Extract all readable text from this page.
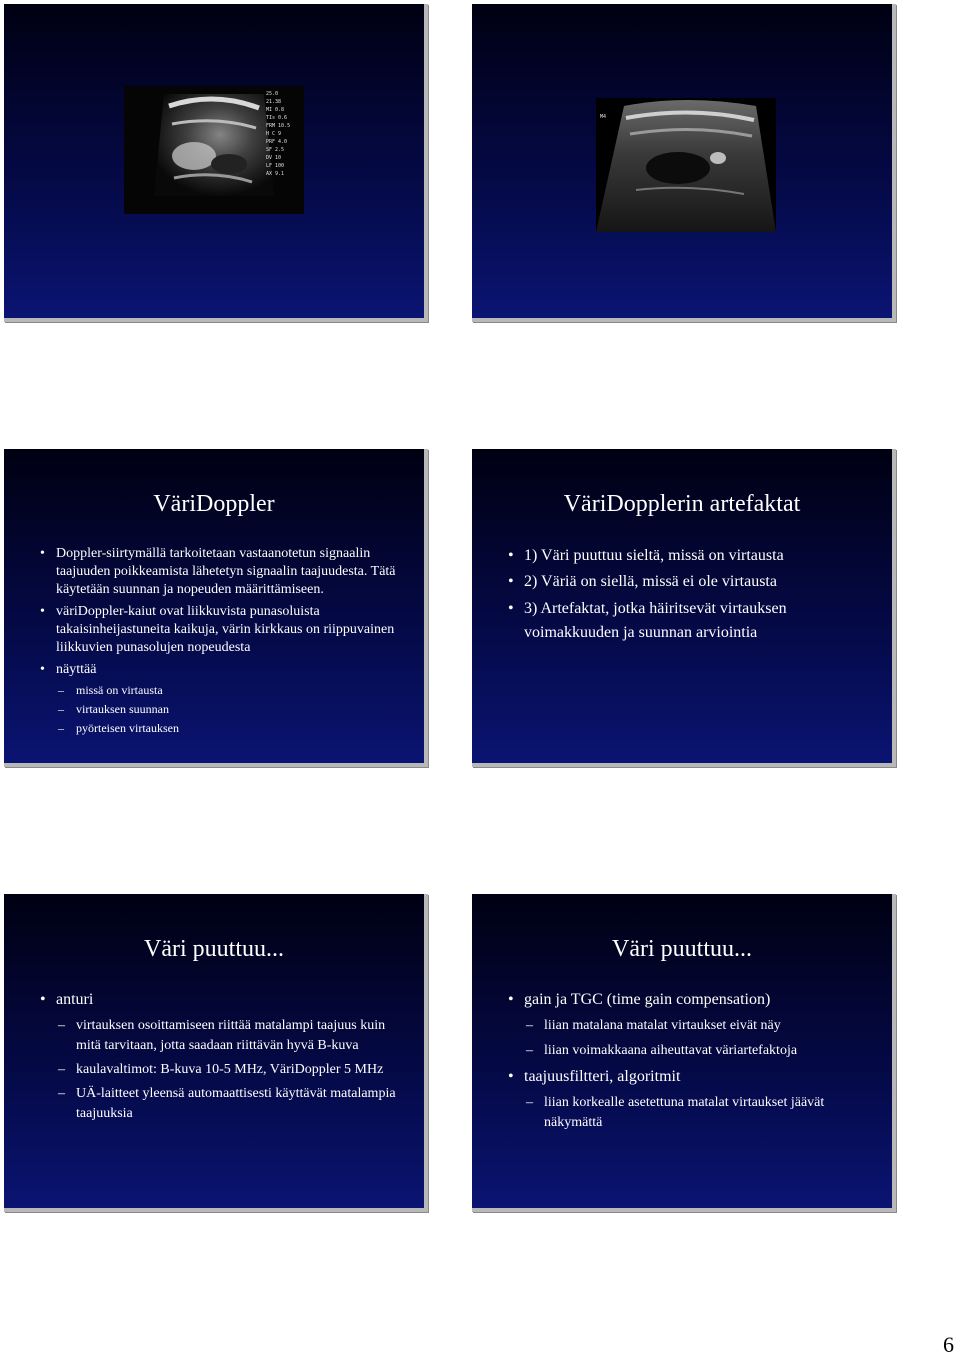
25.0
21.38
MI 0.8
TIs 0.6
FRM 10.5
H C 9
PRF 4.0
SF 2.5
DV 10
LF 100
AX 9.1
M4
VäriDoppler
• Doppler-siirtymällä tarkoitetaan vastaanotetun signaalin taajuuden poikkeamista lähetetyn signaalin taajuudesta. Tätä käytetään suunnan ja nopeuden määrittämiseen.
• väriDoppler-kaiut ovat liikkuvista punasoluista takaisinheijastuneita kaikuja, värin kirkkaus on riippuvainen liikkuvien punasolujen nopeudesta
• näyttää
– missä on virtausta
– virtauksen suunnan
– pyörteisen virtauksen
VäriDopplerin artefaktat
• 1) Väri puuttuu sieltä, missä on virtausta
• 2) Väriä on siellä, missä ei ole virtausta
• 3) Artefaktat, jotka häiritsevät virtauksen voimakkuuden ja suunnan arviointia
Väri puuttuu...
• anturi
– virtauksen osoittamiseen riittää matalampi taajuus kuin mitä tarvitaan, jotta saadaan riittävän hyvä B-kuva
– kaulavaltimot: B-kuva 10-5 MHz, VäriDoppler 5 MHz
– UÄ-laitteet yleensä automaattisesti käyttävät matalampia taajuuksia
Väri puuttuu...
• gain ja TGC (time gain compensation)
– liian matalana matalat virtaukset eivät näy
– liian voimakkaana aiheuttavat väriartefaktoja
• taajuusfiltteri, algoritmit
– liian korkealle asetettuna matalat virtaukset jäävät näkymättä
6
